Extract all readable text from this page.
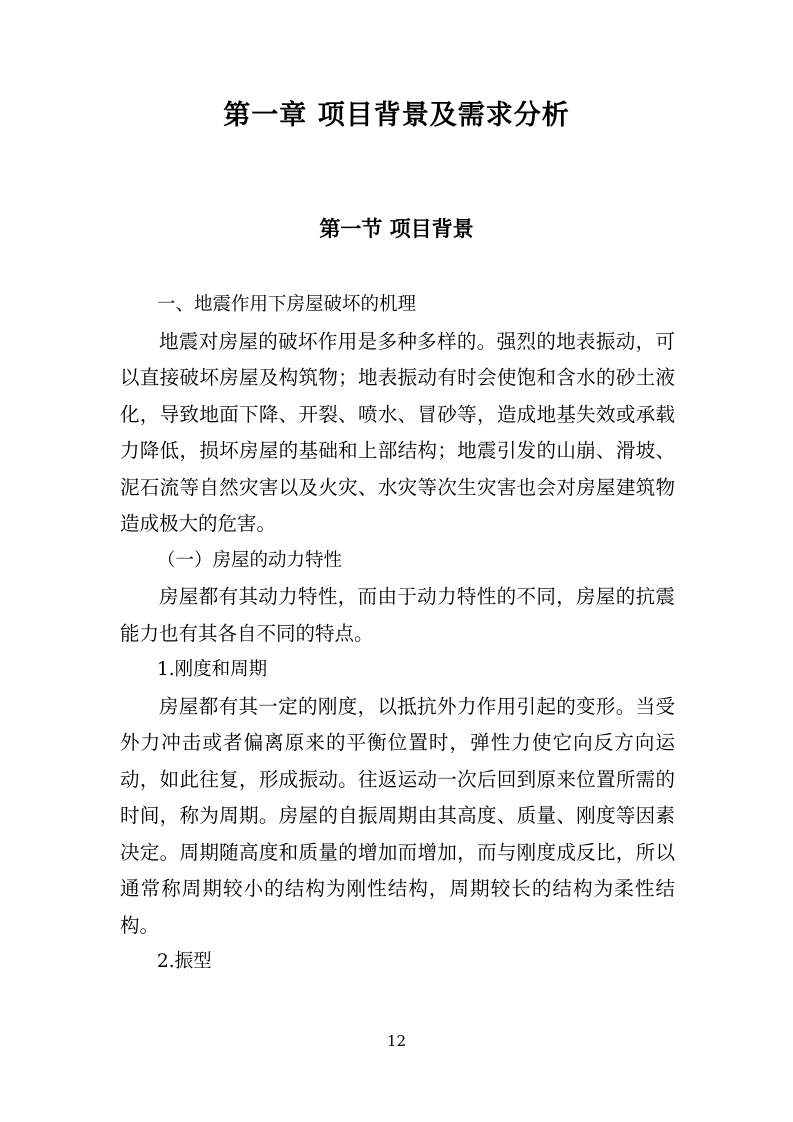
第一章 项目背景及需求分析
第一节 项目背景

一、地震作用下房屋破坏的机理

地震对房屋的破坏作用是多种多样的。强烈的地表振动，可以直接破坏房屋及构筑物；地表振动有时会使饱和含水的砂土液化，导致地面下降、开裂、喷水、冒砂等，造成地基失效或承载力降低，损坏房屋的基础和上部结构；地震引发的山崩、滑坡、泥石流等自然灾害以及火灾、水灾等次生灾害也会对房屋建筑物造成极大的危害。

（一）房屋的动力特性

房屋都有其动力特性，而由于动力特性的不同，房屋的抗震能力也有其各自不同的特点。

1.刚度和周期

房屋都有其一定的刚度，以抵抗外力作用引起的变形。当受外力冲击或者偏离原来的平衡位置时，弹性力使它向反方向运动，如此往复，形成振动。往返运动一次后回到原来位置所需的时间，称为周期。房屋的自振周期由其高度、质量、刚度等因素决定。周期随高度和质量的增加而增加，而与刚度成反比，所以通常称周期较小的结构为刚性结构，周期较长的结构为柔性结构。

2.振型

12
